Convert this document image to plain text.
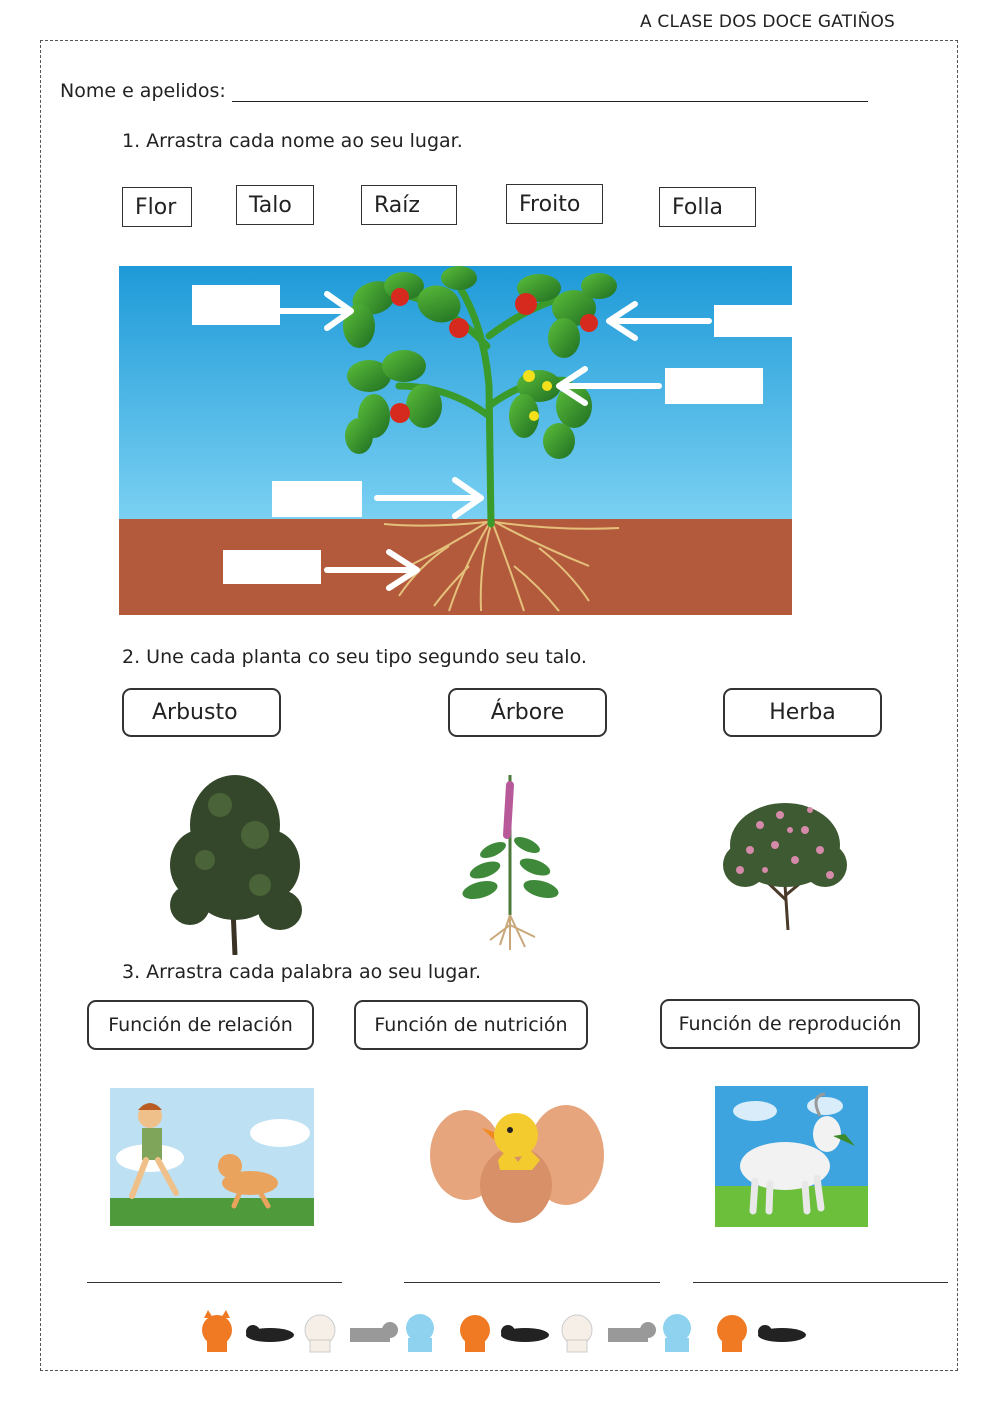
A CLASE DOS DOCE GATIÑOS
Nome e apelidos:
1. Arrastra cada nome ao seu lugar.
Flor	Talo	Raíz	Froito	Folla
2. Une cada planta co seu tipo segundo seu talo.
Arbusto	Árbore	Herba
3. Arrastra cada palabra ao seu lugar.
Función de relación	Función de nutrición	Función de reprodución
